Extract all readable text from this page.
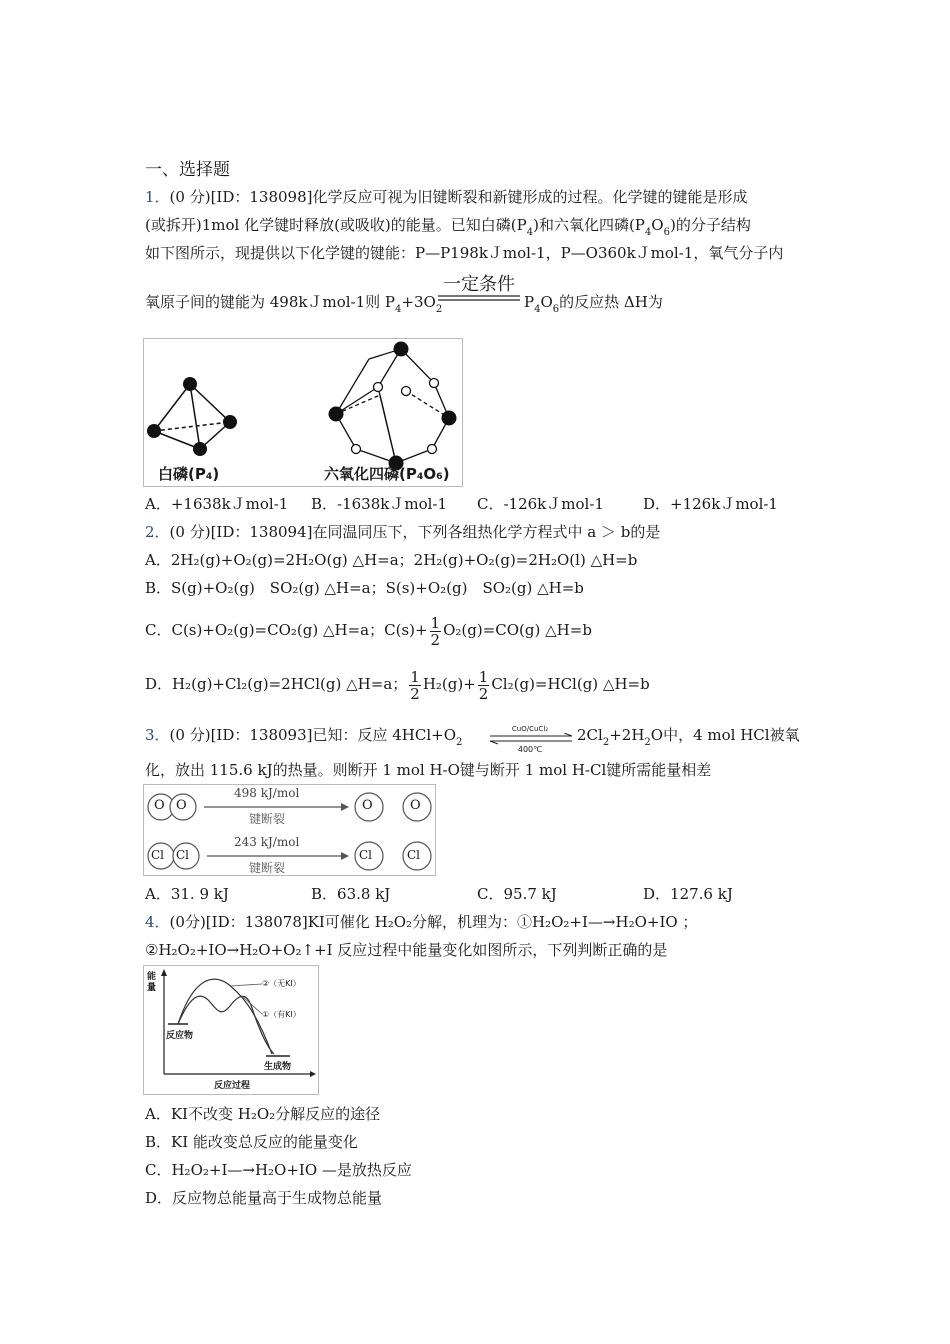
一、选择题
1．(0 分)[ID：138098]化学反应可视为旧键断裂和新键形成的过程。化学键的键能是形成
(或拆开)1mol 化学键时释放(或吸收)的能量。已知白磷$(P_4)$和六氧化四磷$(P_4O_6)$的分子结构
如下图所示，现提供以下化学键的键能：P—P198kＪmol-1，P—O360kＪmol-1，氧气分子内
一定条件
氧原子间的键能为 498kＪmol-1则 $P_4+3O_2$	$P_4O_6$的反应热 ΔH为
白磷(P₄)	六氧化四磷(P₄O₆)
A．+1638kＪmol-1	B．-1638kＪmol-1	C．-126kＪmol-1	D．+126kＪmol-1
2．(0 分)[ID：138094]在同温同压下，下列各组热化学方程式中 a ＞ b的是
A．2H₂(g)+O₂(g)=2H₂O(g) △H=a；2H₂(g)+O₂(g)=2H₂O(l) △H=b
B．S(g)+O₂(g)　SO₂(g) △H=a；S(s)+O₂(g)　SO₂(g) △H=b
C．C(s)+O₂(g)=CO₂(g) △H=a；$C(s)+ \frac{1}{2} O_2(g)=CO(g)$ △H=b
D．H₂(g)+Cl₂(g)=2HCl(g) △H=a； $\frac{1}{2} H_2(g)+ \frac{1}{2} Cl_2(g)=HCl(g)$ △H=b
3．(0 分)[ID：138093]已知：反应 $4HCl+O_2$
CuO/CuCl₂
400℃
$2Cl_2+2H_2O$中，4 mol HCl被氧
化，放出 115.6 kJ的热量。则断开 1 mol H-O键与断开 1 mol H-Cl键所需能量相差
O O
498 kJ/mol
键断裂
O	O
Cl Cl
243 kJ/mol
键断裂
Cl	Cl
A．31. 9 kJ	B．63.8 kJ	C．95.7 kJ	D．127.6 kJ
4．(0分)[ID：138078]KI可催化 H₂O₂分解，机理为：①H₂O₂+I—→H₂O+IO ；
②H₂O₂+IO→H₂O+O₂↑+I 反应过程中能量变化如图所示，下列判断正确的是
能量	②（无KI）
①（有KI）
反应物
生成物
反应过程
A．KI不改变 H₂O₂分解反应的途径
B．KI 能改变总反应的能量变化
C．H₂O₂+I—→H₂O+IO —是放热反应
D．反应物总能量高于生成物总能量
